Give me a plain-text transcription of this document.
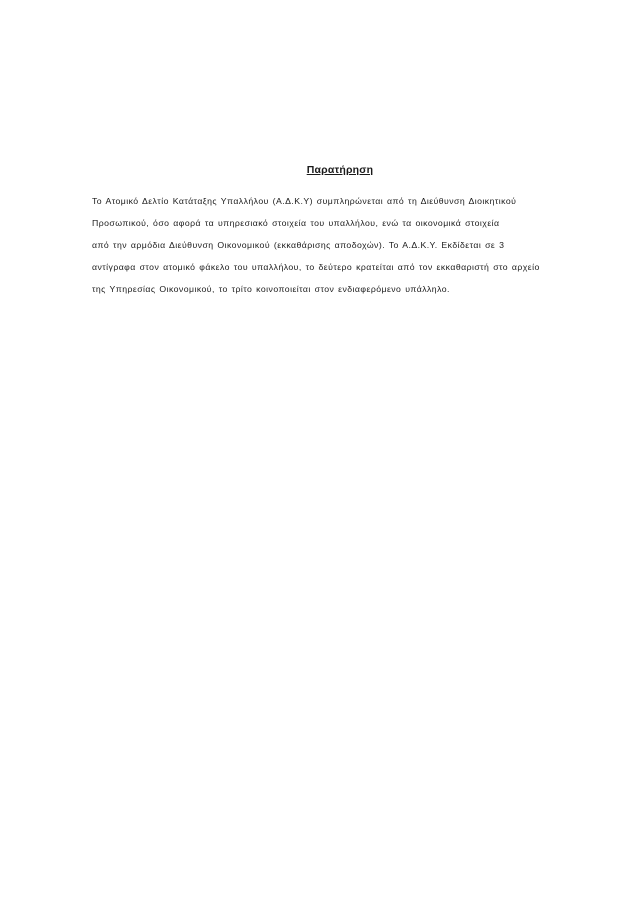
Παρατήρηση

Το Ατομικό Δελτίο Κατάταξης Υπαλλήλου (Α.Δ.Κ.Υ) συμπληρώνεται από τη Διεύθυνση Διοικητικού
Προσωπικού, όσο αφορά τα υπηρεσιακό στοιχεία του υπαλλήλου, ενώ τα οικονομικά στοιχεία
από την αρμόδια Διεύθυνση Οικονομικού (εκκαθάρισης αποδοχών). Το Α.Δ.Κ.Υ. Εκδίδεται σε 3
αντίγραφα στον ατομικό φάκελο του υπαλλήλου, το δεύτερο κρατείται από τον εκκαθαριστή στο αρχείο
της Υπηρεσίας Οικονομικού, το τρίτο κοινοποιείται στον ενδιαφερόμενο υπάλληλο.
